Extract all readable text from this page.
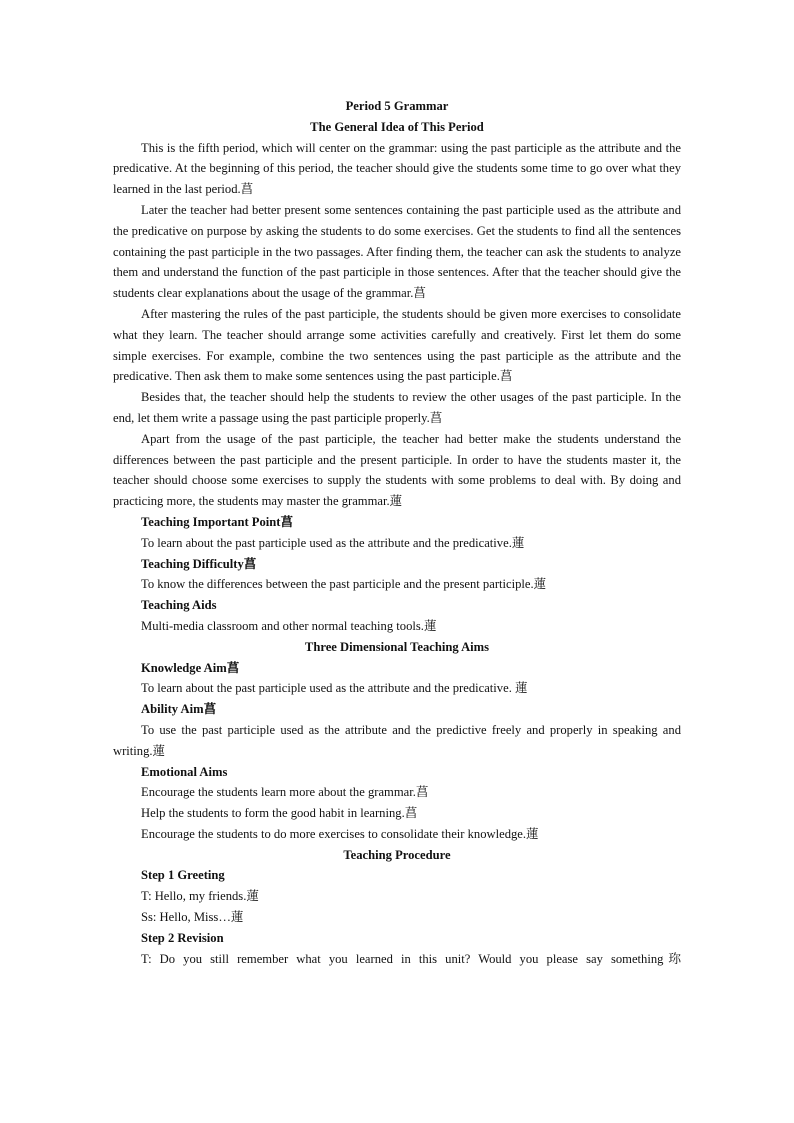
Period 5 Grammar
The General Idea of This Period

This is the fifth period, which will center on the grammar: using the past participle as the attribute and the predicative. At the beginning of this period, the teacher should give the students some time to go over what they learned in the last period.菖

Later the teacher had better present some sentences containing the past participle used as the attribute and the predicative on purpose by asking the students to do some exercises. Get the students to find all the sentences containing the past participle in the two passages. After finding them, the teacher can ask the students to analyze them and understand the function of the past participle in those sentences. After that the teacher should give the students clear explanations about the usage of the grammar.菖

After mastering the rules of the past participle, the students should be given more exercises to consolidate what they learn. The teacher should arrange some activities carefully and creatively. First let them do some simple exercises. For example, combine the two sentences using the past participle as the attribute and the predicative. Then ask them to make some sentences using the past participle.菖

Besides that, the teacher should help the students to review the other usages of the past participle. In the end, let them write a passage using the past participle properly.菖

Apart from the usage of the past participle, the teacher had better make the students understand the differences between the past participle and the present participle. In order to have the students master it, the teacher should choose some exercises to supply the students with some problems to deal with. By doing and practicing more, the students may master the grammar.蓮

Teaching Important Point菖

To learn about the past participle used as the attribute and the predicative.蓮

Teaching Difficulty菖

To know the differences between the past participle and the present participle.蓮

Teaching Aids

Multi-media classroom and other normal teaching tools.蓮

Three Dimensional Teaching Aims

Knowledge Aim菖

To learn about the past participle used as the attribute and the predicative. 蓮

Ability Aim菖

To use the past participle used as the attribute and the predictive freely and properly in speaking and writing.蓮

Emotional Aims

Encourage the students learn more about the grammar.菖

Help the students to form the good habit in learning.菖

Encourage the students to do more exercises to consolidate their knowledge.蓮

Teaching Procedure

Step 1 Greeting

T: Hello, my friends.蓮

Ss: Hello, Miss…蓮

Step 2 Revision

T: Do you still remember what you learned in this unit? Would you please say something珎
